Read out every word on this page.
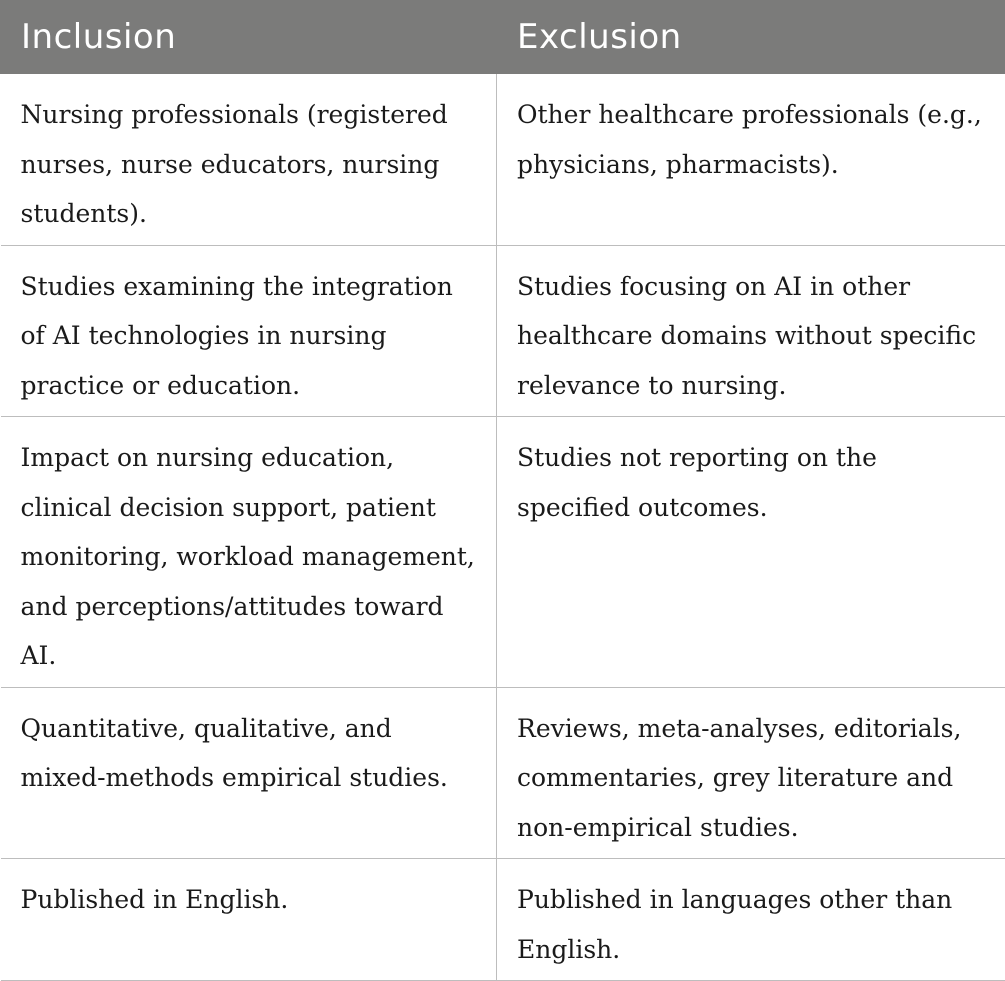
Inclusion	Exclusion
Nursing professionals (registered nurses, nurse educators, nursing students).	Other healthcare professionals (e.g., physicians, pharmacists).
Studies examining the integration of AI technologies in nursing practice or education.	Studies focusing on AI in other healthcare domains without specific relevance to nursing.
Impact on nursing education, clinical decision support, patient monitoring, workload management, and perceptions/attitudes toward AI.	Studies not reporting on the specified outcomes.
Quantitative, qualitative, and mixed-methods empirical studies.	Reviews, meta-analyses, editorials, commentaries, grey literature and non-empirical studies.
Published in English.	Published in languages other than English.
